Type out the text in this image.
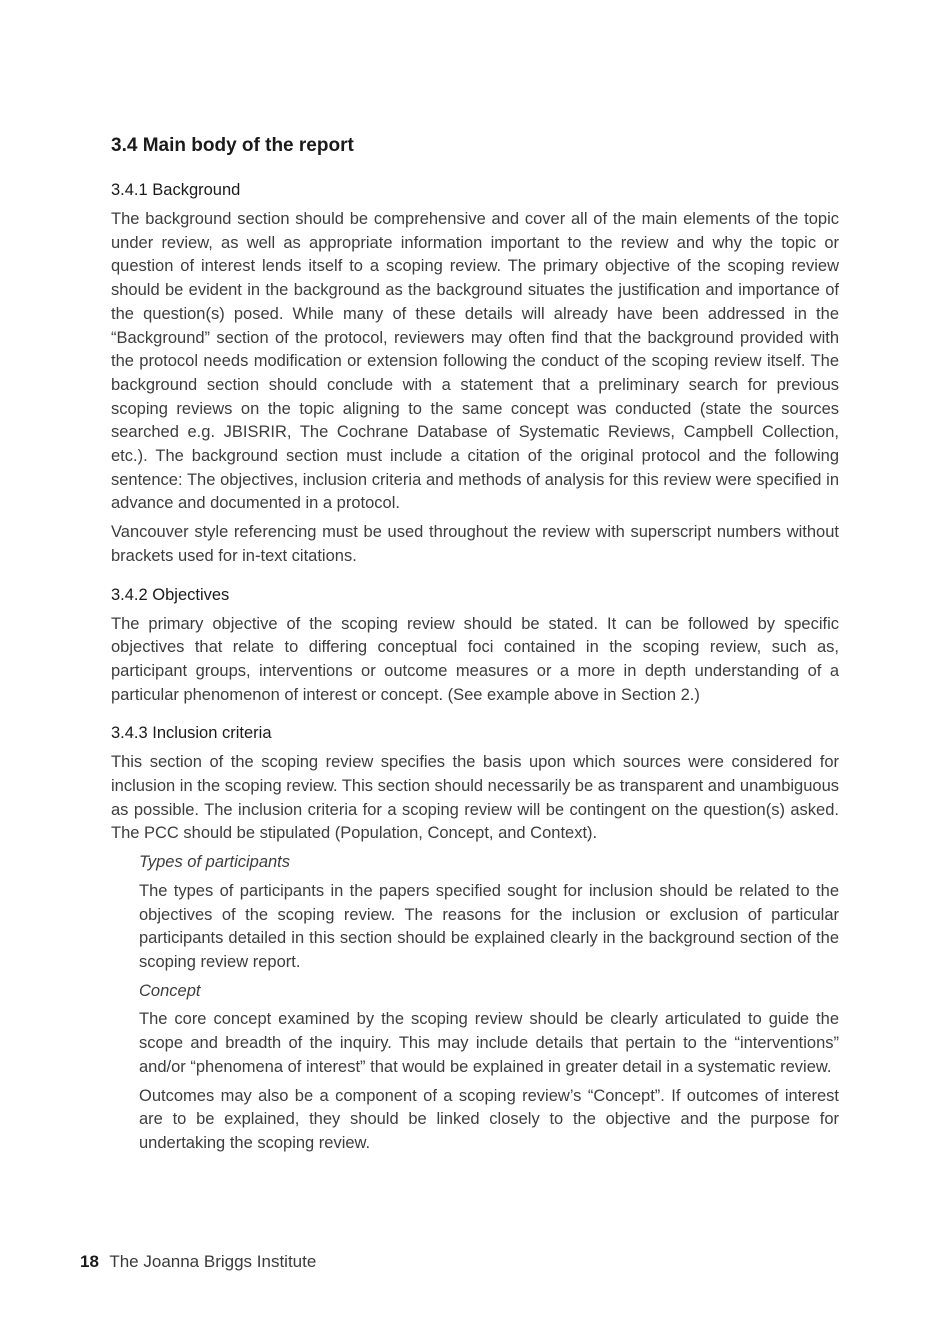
3.4 Main body of the report
3.4.1 Background

The background section should be comprehensive and cover all of the main elements of the topic under review, as well as appropriate information important to the review and why the topic or question of interest lends itself to a scoping review. The primary objective of the scoping review should be evident in the background as the background situates the justification and importance of the question(s) posed. While many of these details will already have been addressed in the “Background” section of the protocol, reviewers may often find that the background provided with the protocol needs modification or extension following the conduct of the scoping review itself. The background section should conclude with a statement that a preliminary search for previous scoping reviews on the topic aligning to the same concept was conducted (state the sources searched e.g. JBISRIR, The Cochrane Database of Systematic Reviews, Campbell Collection, etc.). The background section must include a citation of the original protocol and the following sentence: The objectives, inclusion criteria and methods of analysis for this review were specified in advance and documented in a protocol.

Vancouver style referencing must be used throughout the review with superscript numbers without brackets used for in-text citations.

3.4.2 Objectives

The primary objective of the scoping review should be stated. It can be followed by specific objectives that relate to differing conceptual foci contained in the scoping review, such as, participant groups, interventions or outcome measures or a more in depth understanding of a particular phenomenon of interest or concept. (See example above in Section 2.)

3.4.3 Inclusion criteria

This section of the scoping review specifies the basis upon which sources were considered for inclusion in the scoping review. This section should necessarily be as transparent and unambiguous as possible. The inclusion criteria for a scoping review will be contingent on the question(s) asked. The PCC should be stipulated (Population, Concept, and Context).

Types of participants

The types of participants in the papers specified sought for inclusion should be related to the objectives of the scoping review. The reasons for the inclusion or exclusion of particular participants detailed in this section should be explained clearly in the background section of the scoping review report.

Concept

The core concept examined by the scoping review should be clearly articulated to guide the scope and breadth of the inquiry. This may include details that pertain to the “interventions” and/or “phenomena of interest” that would be explained in greater detail in a systematic review.

Outcomes may also be a component of a scoping review’s “Concept”. If outcomes of interest are to be explained, they should be linked closely to the objective and the purpose for undertaking the scoping review.

18 The Joanna Briggs Institute
